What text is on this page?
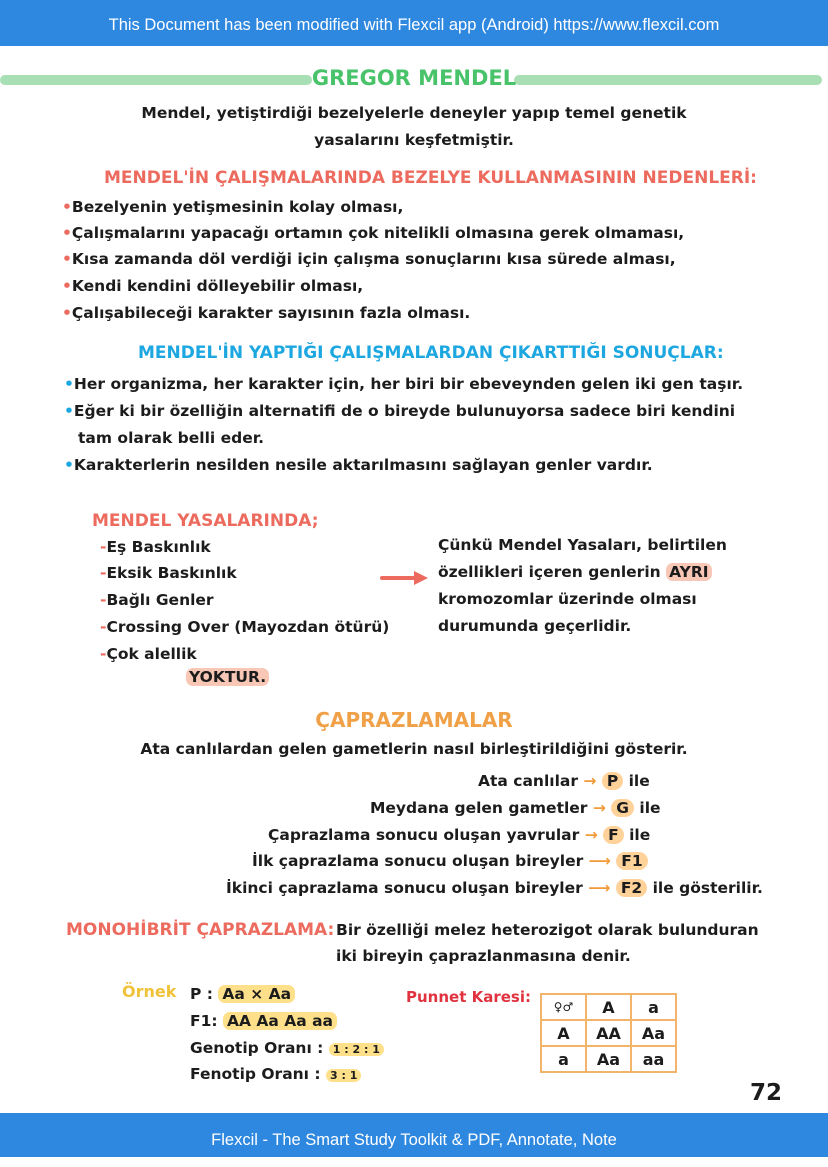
This Document has been modified with Flexcil app (Android) https://www.flexcil.com
GREGOR MENDEL
Mendel, yetiştirdiği bezelyelerle deneyler yapıp temel genetik
yasalarını keşfetmiştir.
MENDEL'İN ÇALIŞMALARINDA BEZELYE KULLANMASININ NEDENLERİ:
•Bezelyenin yetişmesinin kolay olması,
•Çalışmalarını yapacağı ortamın çok nitelikli olmasına gerek olmaması,
•Kısa zamanda döl verdiği için çalışma sonuçlarını kısa sürede alması,
•Kendi kendini dölleyebilir olması,
•Çalışabileceği karakter sayısının fazla olması.
MENDEL'İN YAPTIĞI ÇALIŞMALARDAN ÇIKARTTIĞI SONUÇLAR:
•Her organizma, her karakter için, her biri bir ebeveynden gelen iki gen taşır.
•Eğer ki bir özelliğin alternatifi de o bireyde bulunuyorsa sadece biri kendini
tam olarak belli eder.
•Karakterlerin nesilden nesile aktarılmasını sağlayan genler vardır.
MENDEL YASALARINDA;
-Eş Baskınlık
-Eksik Baskınlık
-Bağlı Genler
-Crossing Over (Mayozdan ötürü)
-Çok alellik
YOKTUR.
Çünkü Mendel Yasaları, belirtilen
özellikleri içeren genlerin AYRI
kromozomlar üzerinde olması
durumunda geçerlidir.
ÇAPRAZLAMALAR
Ata canlılardan gelen gametlerin nasıl birleştirildiğini gösterir.
Ata canlılar → P ile
Meydana gelen gametler → G ile
Çaprazlama sonucu oluşan yavrular → F ile
İlk çaprazlama sonucu oluşan bireyler ⟶ F1
İkinci çaprazlama sonucu oluşan bireyler ⟶ F2 ile gösterilir.
MONOHİBRİT ÇAPRAZLAMA: Bir özelliği melez heterozigot olarak bulunduran
iki bireyin çaprazlanmasına denir.
Örnek P : Aa × Aa
F1: AA Aa Aa aa
Genotip Oranı : 1 : 2 : 1
Fenotip Oranı : 3 : 1
Punnet Karesi:
♀♂	A	a
A	AA	Aa
a	Aa	aa
72
Flexcil - The Smart Study Toolkit & PDF, Annotate, Note
